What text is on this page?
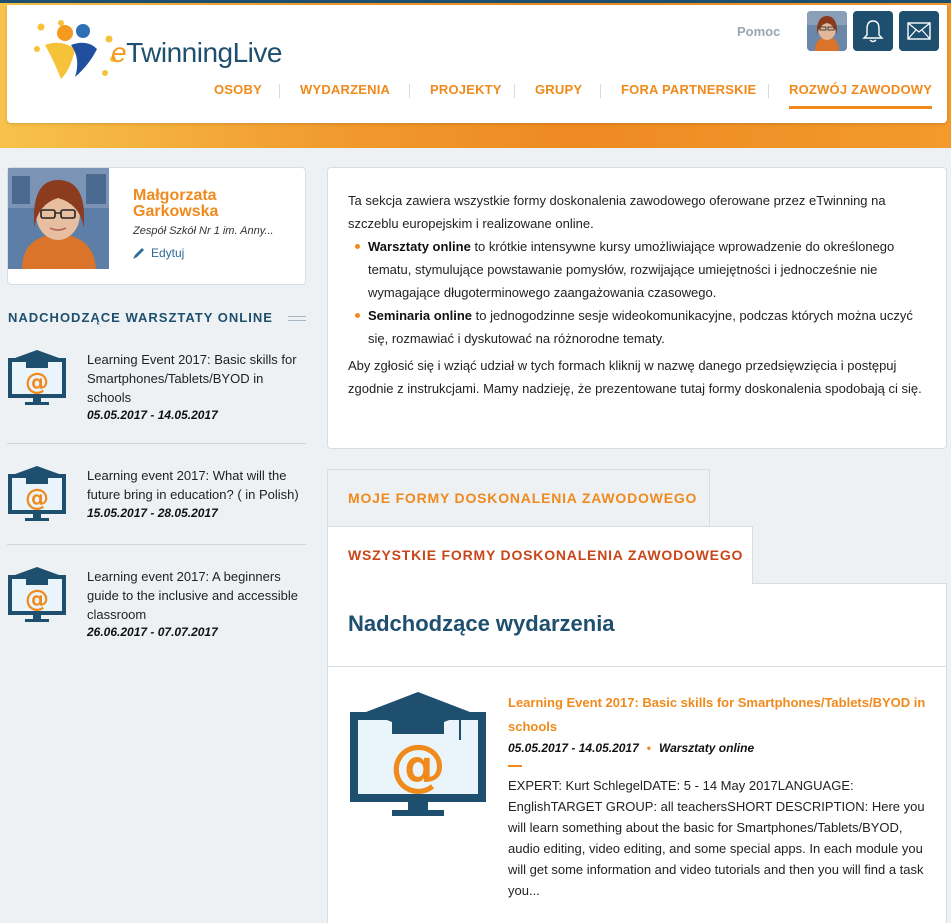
eTwinningLive
Pomoc
OSOBY	WYDARZENIA	PROJEKTY	GRUPY	FORA PARTNERSKIE	ROZWÓJ ZAWODOWY
Małgorzata Garkowska
Zespół Szkół Nr 1 im. Anny...
Edytuj
NADCHODZĄCE WARSZTATY ONLINE
@
Learning Event 2017: Basic skills for Smartphones/Tablets/BYOD in schools
05.05.2017 - 14.05.2017
@
Learning event 2017: What will the future bring in education? ( in Polish)
15.05.2017 - 28.05.2017
@
Learning event 2017: A beginners guide to the inclusive and accessible classroom
26.06.2017 - 07.07.2017

Ta sekcja zawiera wszystkie formy doskonalenia zawodowego oferowane przez eTwinning na szczeblu europejskim i realizowane online.

Warsztaty online to krótkie intensywne kursy umożliwiające wprowadzenie do określonego tematu, stymulujące powstawanie pomysłów, rozwijające umiejętności i jednocześnie nie wymagające długoterminowego zaangażowania czasowego.
Seminaria online to jednogodzinne sesje wideokomunikacyjne, podczas których można uczyć się, rozmawiać i dyskutować na różnorodne tematy.

Aby zgłosić się i wziąć udział w tych formach kliknij w nazwę danego przedsięwzięcia i postępuj zgodnie z instrukcjami. Mamy nadzieję, że prezentowane tutaj formy doskonalenia spodobają ci się.

MOJE FORMY DOSKONALENIA ZAWODOWEGO
WSZYSTKIE FORMY DOSKONALENIA ZAWODOWEGO
Nadchodzące wydarzenia
@
Learning Event 2017: Basic skills for Smartphones/Tablets/BYOD in schools
05.05.2017 - 14.05.2017 • Warsztaty online
EXPERT: Kurt SchlegelDATE: 5 - 14 May 2017LANGUAGE: EnglishTARGET GROUP: all teachersSHORT DESCRIPTION: Here you will learn something about the basic for Smartphones/Tablets/BYOD, audio editing, video editing, and some special apps. In each module you will get some information and video tutorials and then you will find a task you...
